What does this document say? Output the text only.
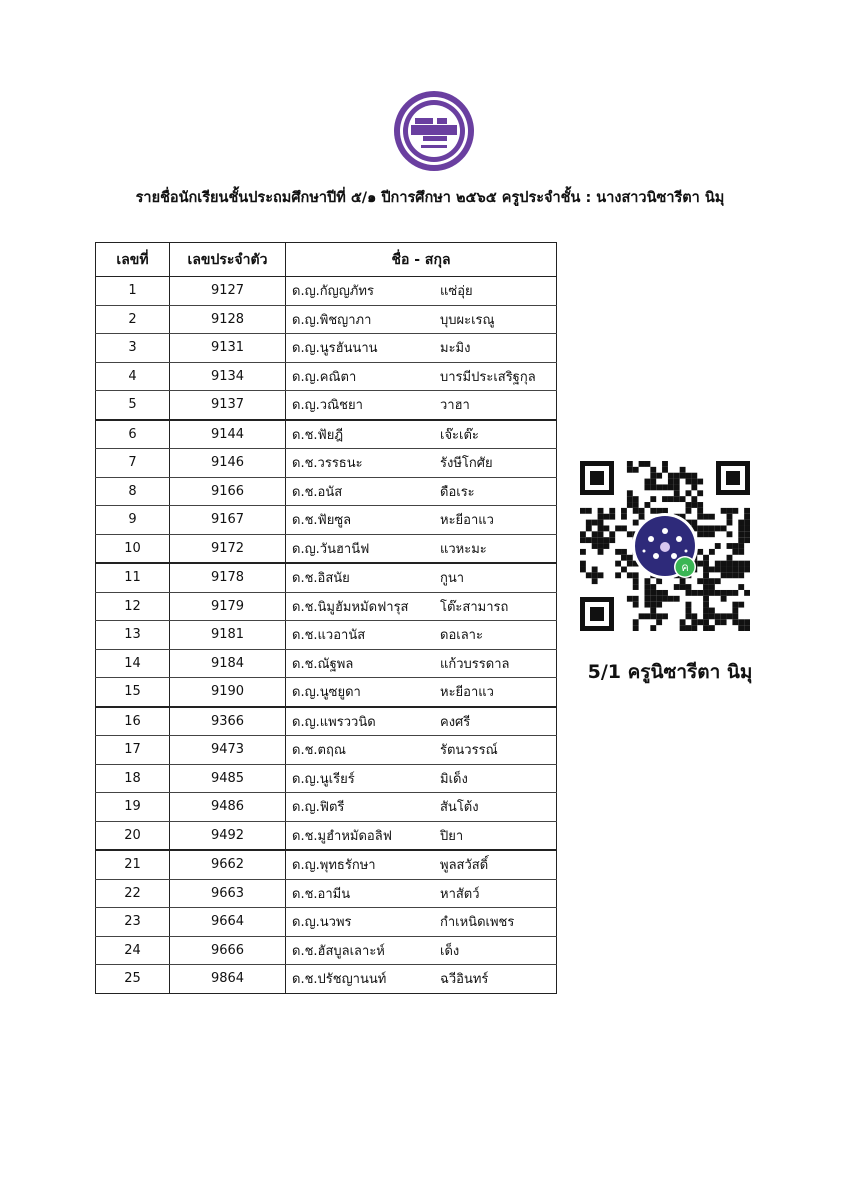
รายชื่อนักเรียนชั้นประถมศึกษาปีที่ ๕/๑ ปีการศึกษา ๒๕๖๕ ครูประจำชั้น : นางสาวนิซารีตา นิมุ
เลขที่	เลขประจำตัว	ชื่อ - สกุล
1	9127	ด.ญ.กัญญภัทร แซ่อุ่ย
2	9128	ด.ญ.พิชญาภา บุบผะเรณู
3	9131	ด.ญ.นูรฮันนาน มะมิง
4	9134	ด.ญ.คณิตา บารมีประเสริฐกุล
5	9137	ด.ญ.วณิชยา วาฮา
6	9144	ด.ช.ฟัยฎี เจ๊ะเต๊ะ
7	9146	ด.ช.วรรธนะ รังษีโกศัย
8	9166	ด.ช.อนัส ดือเระ
9	9167	ด.ช.ฟัยซูล หะยีอาแว
10	9172	ด.ญ.วันฮานีฟ แวหะมะ
11	9178	ด.ช.อิสนัย กูนา
12	9179	ด.ช.นิมูฮัมหมัดฟารุส โต๊ะสามารถ
13	9181	ด.ช.แวอานัส ดอเลาะ
14	9184	ด.ช.ณัฐพล แก้วบรรดาล
15	9190	ด.ญ.นูซยูดา หะยีอาแว
16	9366	ด.ญ.แพรววนิด คงศรี
17	9473	ด.ช.ตฤณ รัตนวรรณ์
18	9485	ด.ญ.นูเรียร์ มิเด็ง
19	9486	ด.ญ.ฟิตรี สันโต้ง
20	9492	ด.ช.มูฮำหมัดอลิฟ ปิยา
21	9662	ด.ญ.พุทธรักษา พูลสวัสดิ์
22	9663	ด.ช.อามีน หาสัตว์
23	9664	ด.ญ.นวพร กำเหนิดเพชร
24	9666	ด.ช.ฮัสบูลเลาะห์ เด็ง
25	9864	ด.ช.ปรัชญานนท์ ฉวีอินทร์
ค
5/1 ครูนิซารีตา นิมุ
